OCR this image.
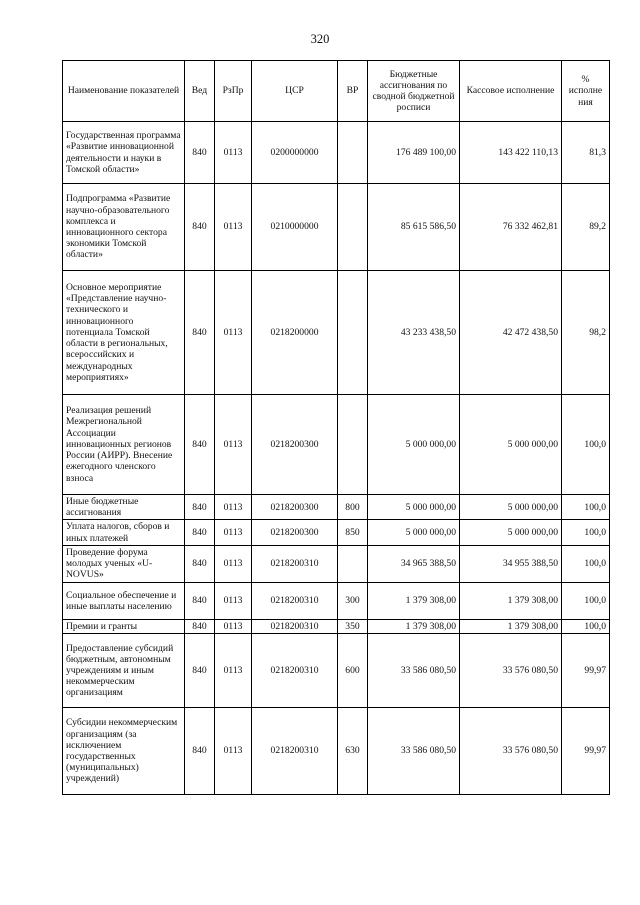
320
Наименование показателей	Вед	РзПр	ЦСР	ВР	Бюджетные ассигнования по сводной бюджетной росписи	Кассовое исполнение	% исполне ния
Государственная программа «Развитие инновационной деятельности и науки в Томской области»	840	0113	0200000000		176 489 100,00	143 422 110,13	81,3
Подпрограмма «Развитие научно-образовательного комплекса и инновационного сектора экономики Томской области»	840	0113	0210000000		85 615 586,50	76 332 462,81	89,2
Основное мероприятие «Представление научно-технического и инновационного потенциала Томской области в региональных, всероссийских и международных мероприятиях»	840	0113	0218200000		43 233 438,50	42 472 438,50	98,2
Реализация решений Межрегиональной Ассоциации инновационных регионов России (АИРР). Внесение ежегодного членского взноса	840	0113	0218200300		5 000 000,00	5 000 000,00	100,0
Иные бюджетные ассигнования	840	0113	0218200300	800	5 000 000,00	5 000 000,00	100,0
Уплата налогов, сборов и иных платежей	840	0113	0218200300	850	5 000 000,00	5 000 000,00	100,0
Проведение форума молодых ученых «U-NOVUS»	840	0113	0218200310		34 965 388,50	34 955 388,50	100,0
Социальное обеспечение и иные выплаты населению	840	0113	0218200310	300	1 379 308,00	1 379 308,00	100,0
Премии и гранты	840	0113	0218200310	350	1 379 308,00	1 379 308,00	100,0
Предоставление субсидий бюджетным, автономным учреждениям и иным некоммерческим организациям	840	0113	0218200310	600	33 586 080,50	33 576 080,50	99,97
Субсидии некоммерческим организациям (за исключением государственных (муниципальных) учреждений)	840	0113	0218200310	630	33 586 080,50	33 576 080,50	99,97
